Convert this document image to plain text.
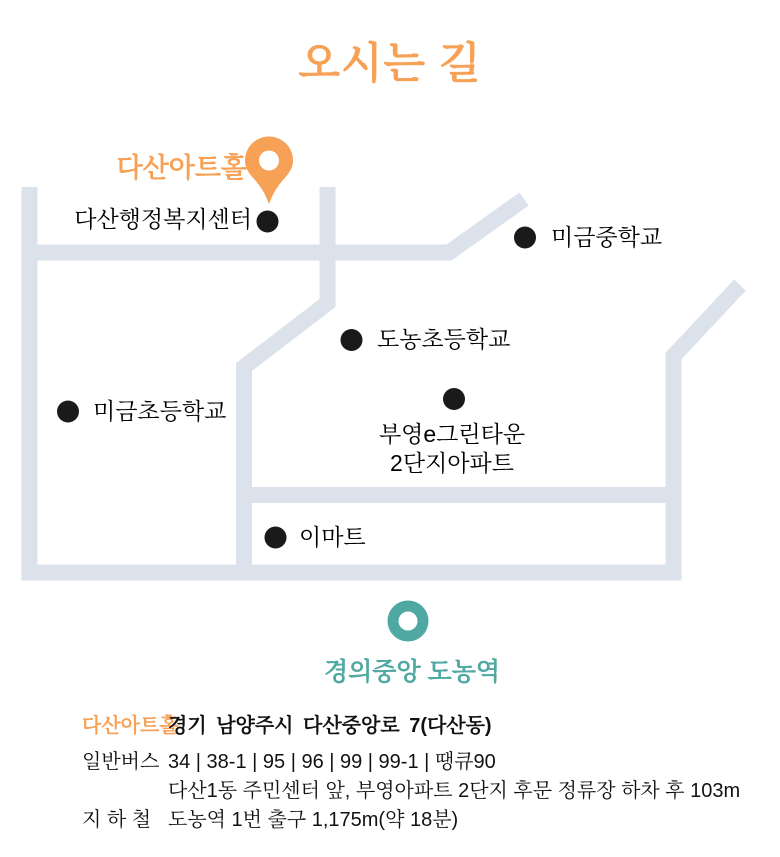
오시는 길
다산아트홀
다산행정복지센터
미금중학교
도농초등학교
미금초등학교
부영e그린타운
2단지아파트
이마트
경의중앙 도농역
다산아트홀
경기 남양주시 다산중앙로 7(다산동)
일반버스 34 | 38-1 | 95 | 96 | 99 | 99-1 | 땡큐90
다산1동 주민센터 앞, 부영아파트 2단지 후문 정류장 하차 후 103m
지 하 철 도농역 1번 출구 1,175m(약 18분)
